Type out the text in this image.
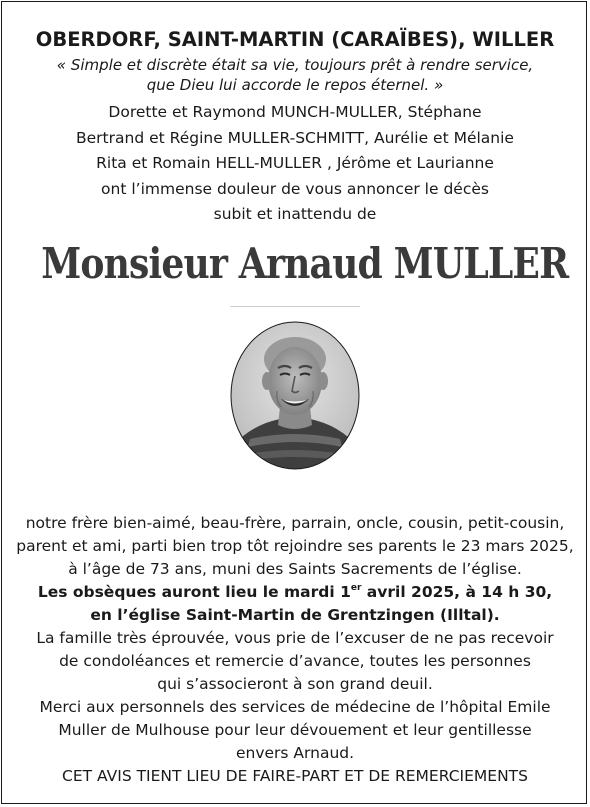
OBERDORF, SAINT-MARTIN (CARAÏBES), WILLER
« Simple et discrète était sa vie, toujours prêt à rendre service,
que Dieu lui accorde le repos éternel. »
Dorette et Raymond MUNCH-MULLER, Stéphane
Bertrand et Régine MULLER-SCHMITT, Aurélie et Mélanie
Rita et Romain HELL-MULLER , Jérôme et Laurianne
ont l’immense douleur de vous annoncer le décès
subit et inattendu de
Monsieur Arnaud MULLER
notre frère bien-aimé, beau-frère, parrain, oncle, cousin, petit-cousin,
parent et ami, parti bien trop tôt rejoindre ses parents le 23 mars 2025,
à l’âge de 73 ans, muni des Saints Sacrements de l’église.
Les obsèques auront lieu le mardi 1er avril 2025, à 14 h 30,
en l’église Saint-Martin de Grentzingen (Illtal).
La famille très éprouvée, vous prie de l’excuser de ne pas recevoir
de condoléances et remercie d’avance, toutes les personnes
qui s’associeront à son grand deuil.
Merci aux personnels des services de médecine de l’hôpital Emile
Muller de Mulhouse pour leur dévouement et leur gentillesse
envers Arnaud.
CET AVIS TIENT LIEU DE FAIRE-PART ET DE REMERCIEMENTS
